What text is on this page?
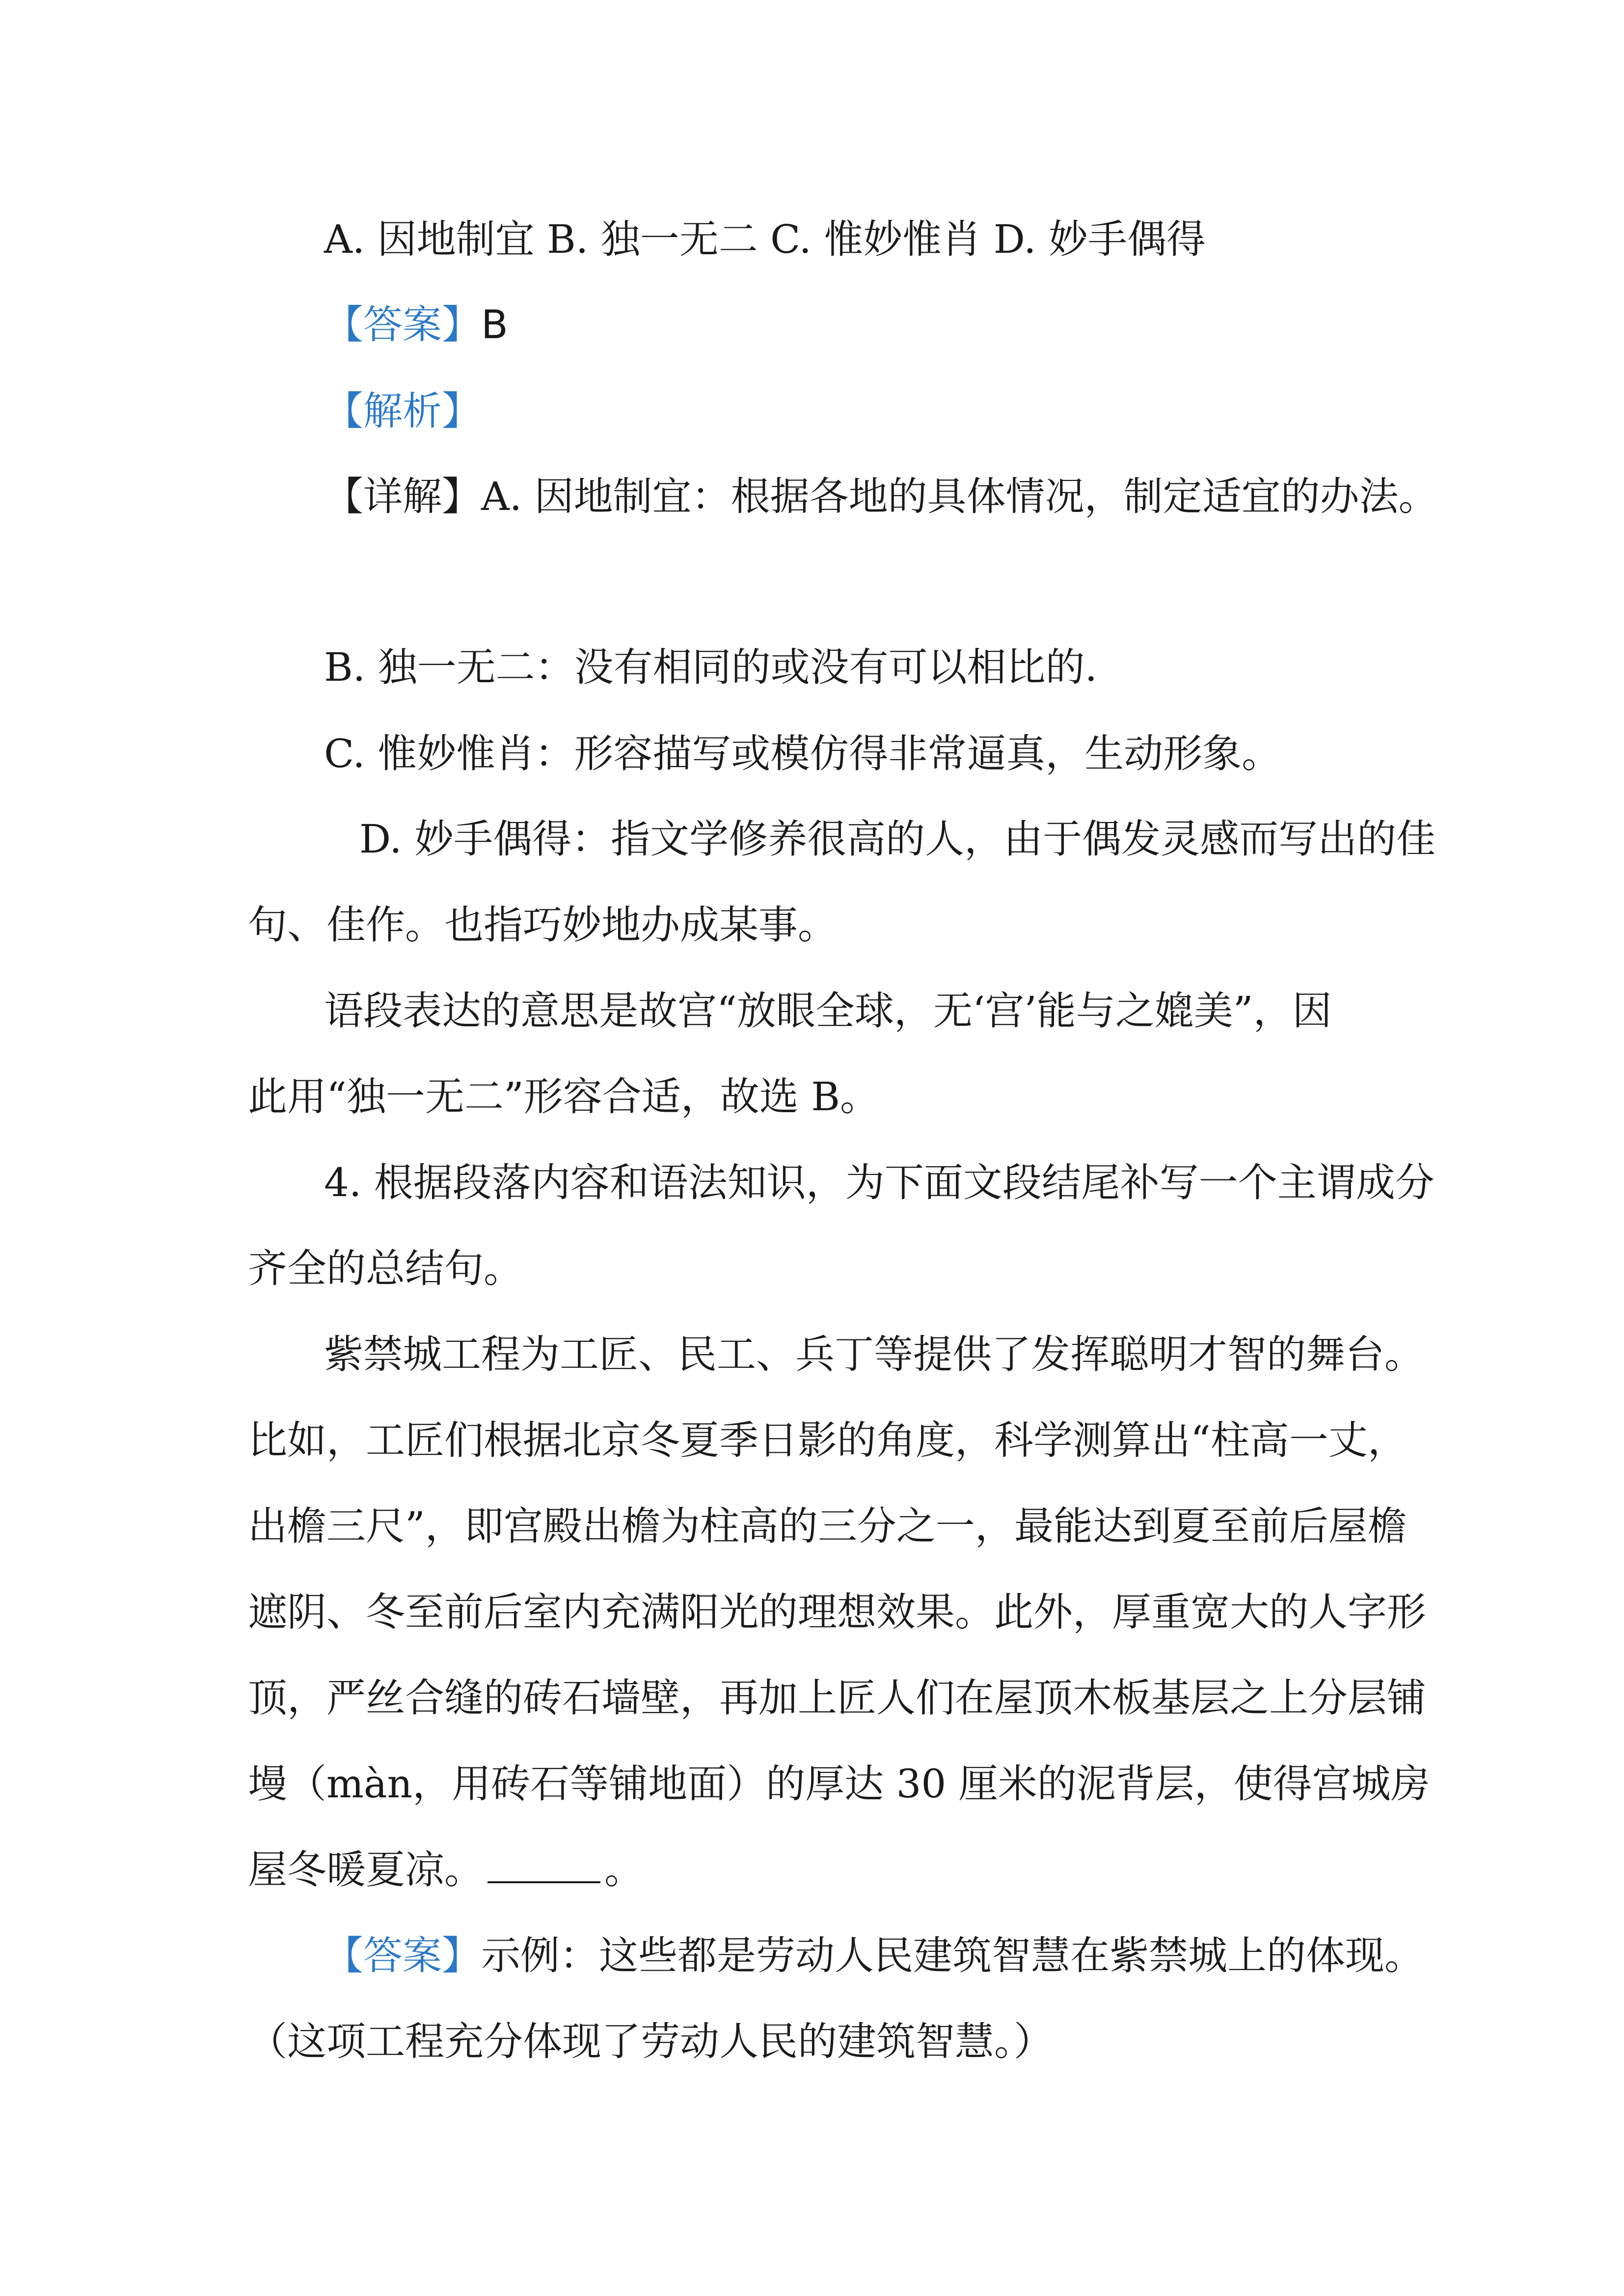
A. 因地制宜 B. 独一无二 C. 惟妙惟肖 D. 妙手偶得
【答案】B
【解析】
【详解】A. 因地制宜：根据各地的具体情况，制定适宜的办法。
B. 独一无二：没有相同的或没有可以相比的.
C. 惟妙惟肖：形容描写或模仿得非常逼真，生动形象。
D. 妙手偶得：指文学修养很高的人，由于偶发灵感而写出的佳
句、佳作。也指巧妙地办成某事。
语段表达的意思是故宫“放眼全球，无‘宫’能与之媲美”，因
此用“独一无二”形容合适，故选 B。
4. 根据段落内容和语法知识，为下面文段结尾补写一个主谓成分
齐全的总结句。
紫禁城工程为工匠、民工、兵丁等提供了发挥聪明才智的舞台。
比如，工匠们根据北京冬夏季日影的角度，科学测算出“柱高一丈，
出檐三尺”，即宫殿出檐为柱高的三分之一，最能达到夏至前后屋檐
遮阴、冬至前后室内充满阳光的理想效果。此外，厚重宽大的人字形
顶，严丝合缝的砖石墙壁，再加上匠人们在屋顶木板基层之上分层铺
墁（màn，用砖石等铺地面）的厚达 30 厘米的泥背层，使得宫城房
屋冬暖夏凉。	。
【答案】示例：这些都是劳动人民建筑智慧在紫禁城上的体现。
（这项工程充分体现了劳动人民的建筑智慧。）
